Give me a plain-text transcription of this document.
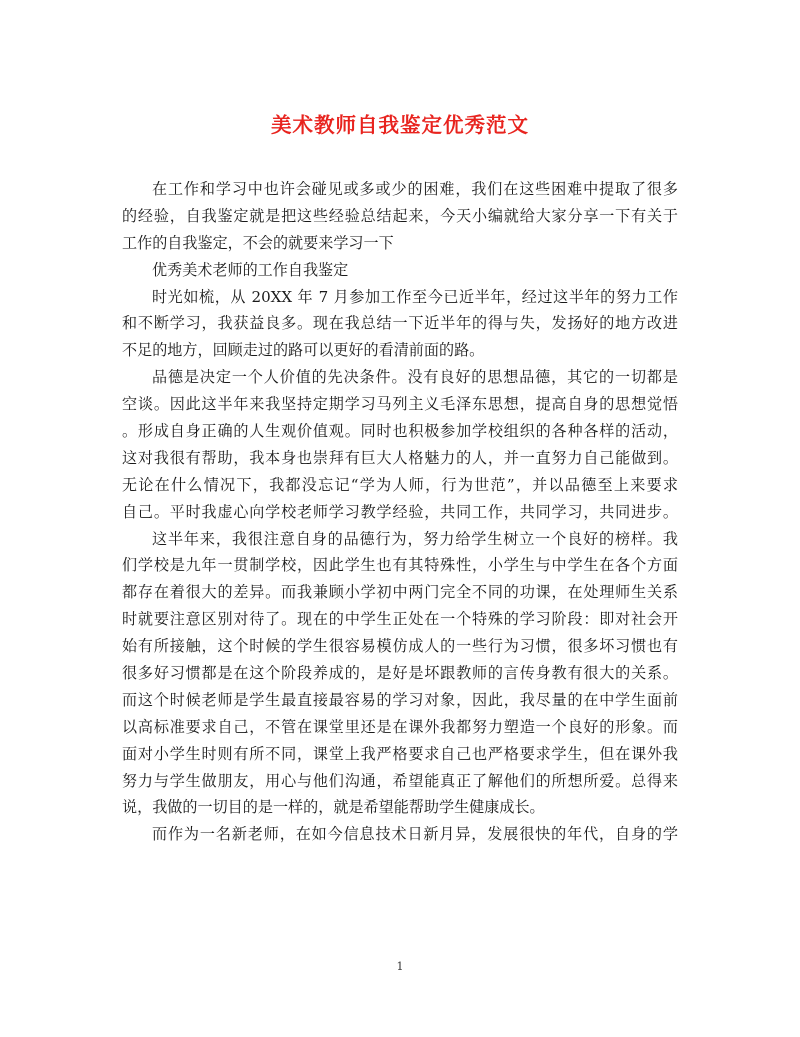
美术教师自我鉴定优秀范文
在工作和学习中也许会碰见或多或少的困难，我们在这些困难中提取了很多
的经验，自我鉴定就是把这些经验总结起来，今天小编就给大家分享一下有关于
工作的自我鉴定，不会的就要来学习一下
优秀美术老师的工作自我鉴定
时光如梳，从 20XX 年 7 月参加工作至今已近半年，经过这半年的努力工作
和不断学习，我获益良多。现在我总结一下近半年的得与失，发扬好的地方改进
不足的地方，回顾走过的路可以更好的看清前面的路。
品德是决定一个人价值的先决条件。没有良好的思想品德，其它的一切都是
空谈。因此这半年来我坚持定期学习马列主义毛泽东思想，提高自身的思想觉悟
。形成自身正确的人生观价值观。同时也积极参加学校组织的各种各样的活动，
这对我很有帮助，我本身也崇拜有巨大人格魅力的人，并一直努力自己能做到。
无论在什么情况下，我都没忘记“学为人师，行为世范”，并以品德至上来要求
自己。平时我虚心向学校老师学习教学经验，共同工作，共同学习，共同进步。
这半年来，我很注意自身的品德行为，努力给学生树立一个良好的榜样。我
们学校是九年一贯制学校，因此学生也有其特殊性，小学生与中学生在各个方面
都存在着很大的差异。而我兼顾小学初中两门完全不同的功课，在处理师生关系
时就要注意区别对待了。现在的中学生正处在一个特殊的学习阶段：即对社会开
始有所接触，这个时候的学生很容易模仿成人的一些行为习惯，很多坏习惯也有
很多好习惯都是在这个阶段养成的，是好是坏跟教师的言传身教有很大的关系。
而这个时候老师是学生最直接最容易的学习对象，因此，我尽量的在中学生面前
以高标准要求自己，不管在课堂里还是在课外我都努力塑造一个良好的形象。而
面对小学生时则有所不同，课堂上我严格要求自己也严格要求学生，但在课外我
努力与学生做朋友，用心与他们沟通，希望能真正了解他们的所想所爱。总得来
说，我做的一切目的是一样的，就是希望能帮助学生健康成长。
而作为一名新老师，在如今信息技术日新月异，发展很快的年代，自身的学
1
